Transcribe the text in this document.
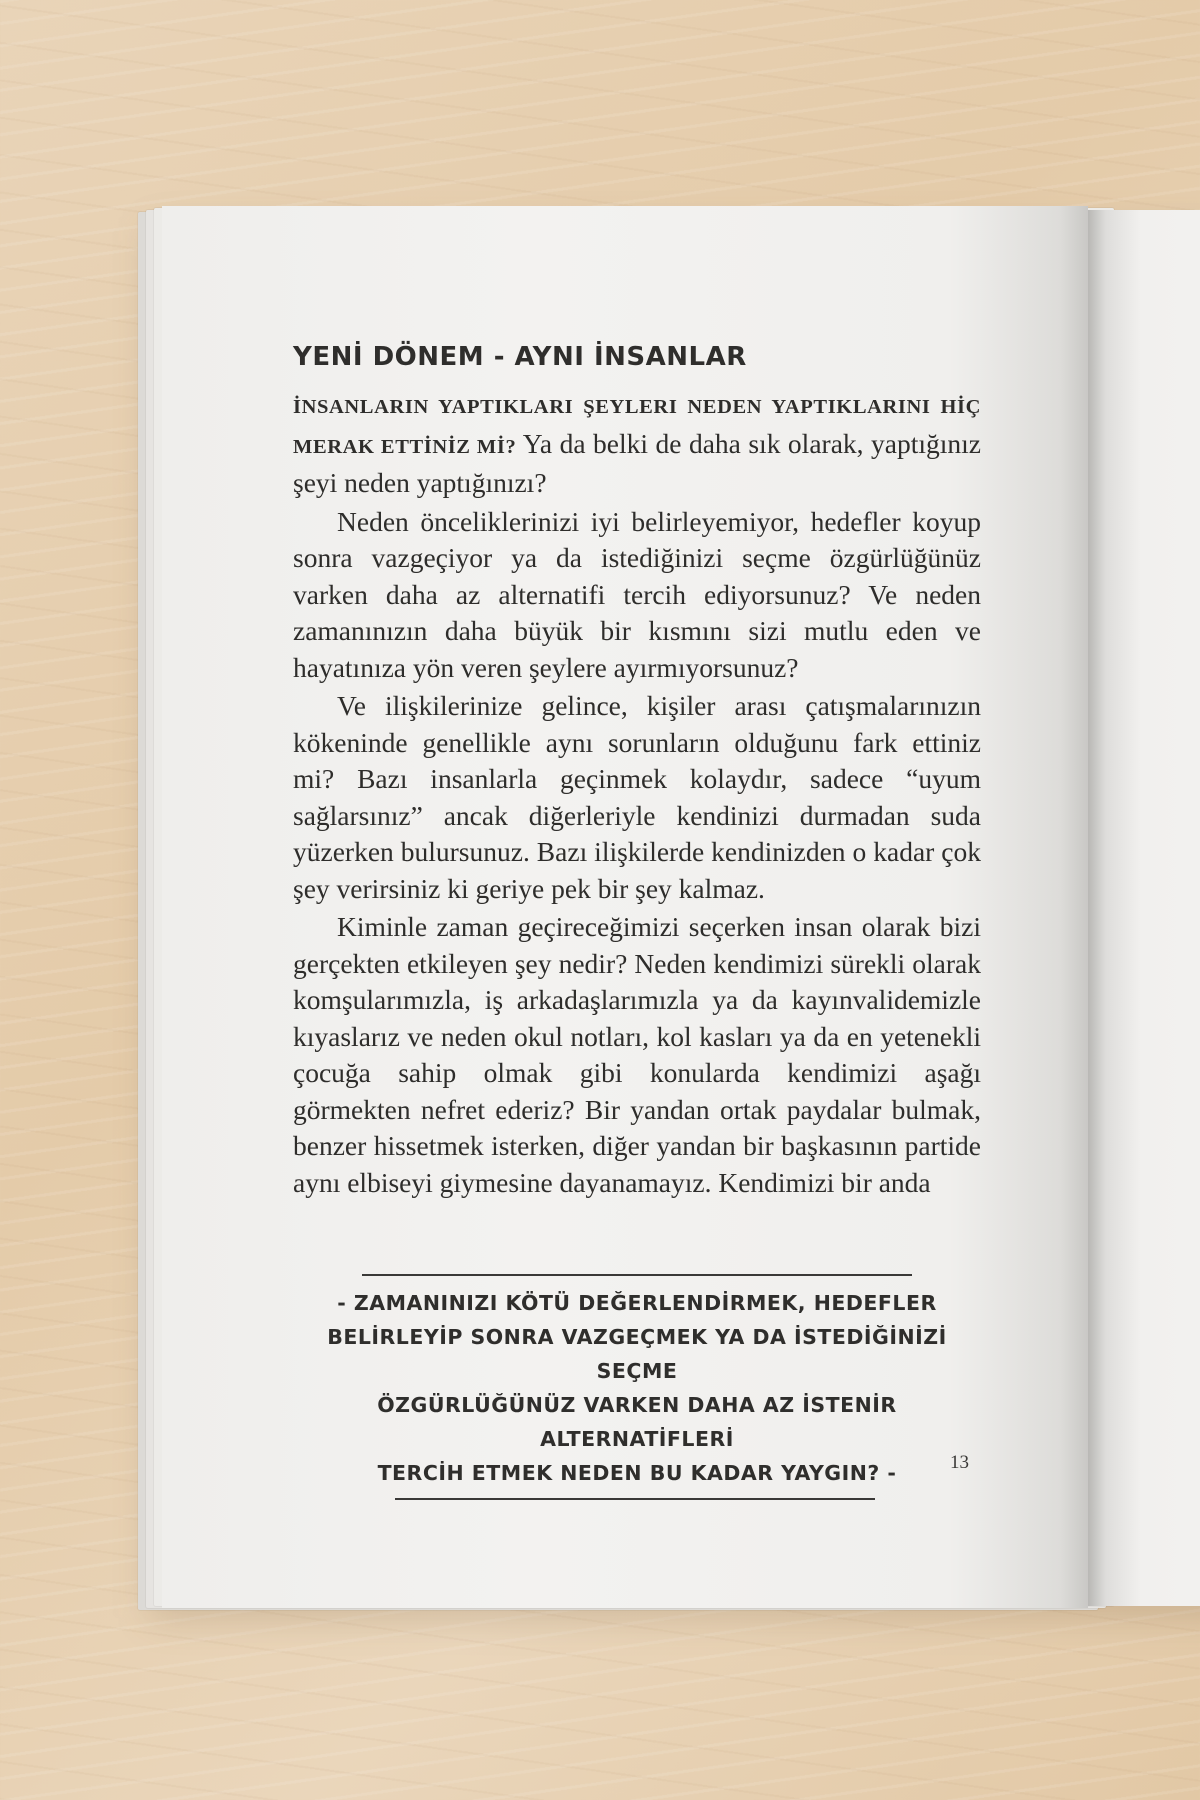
YENİ DÖNEM - AYNI İNSANLAR

İNSANLARIN YAPTIKLARI ŞEYLERI NEDEN YAPTIKLARINI HİÇ MERAK ETTİNİZ Mİ? Ya da belki de daha sık olarak, yaptığınız şeyi neden yaptığınızı?

Neden önceliklerinizi iyi belirleyemiyor, hedefler koyup sonra vazgeçiyor ya da istediğinizi seçme özgürlüğünüz varken daha az alternatifi tercih ediyorsunuz? Ve neden zamanınızın daha büyük bir kısmını sizi mutlu eden ve hayatınıza yön veren şeylere ayırmıyorsunuz?

Ve ilişkilerinize gelince, kişiler arası çatışmalarınızın kökeninde genellikle aynı sorunların olduğunu fark ettiniz mi? Bazı insanlarla geçinmek kolaydır, sadece “uyum sağlarsınız” ancak diğerleriyle kendinizi durmadan suda yüzerken bulursunuz. Bazı ilişkilerde kendinizden o kadar çok şey verirsiniz ki geriye pek bir şey kalmaz.

Kiminle zaman geçireceğimizi seçerken insan olarak bizi gerçekten etkileyen şey nedir? Neden kendimizi sürekli olarak komşularımızla, iş arkadaşlarımızla ya da kayınvalidemizle kıyaslarız ve neden okul notları, kol kasları ya da en yetenekli çocuğa sahip olmak gibi konularda kendimizi aşağı görmekten nefret ederiz? Bir yandan ortak paydalar bulmak, benzer hissetmek isterken, diğer yandan bir başkasının partide aynı elbiseyi giymesine dayanamayız. Kendimizi bir anda

- ZAMANINIZI KÖTÜ DEĞERLENDİRMEK, HEDEFLER
BELİRLEYİP SONRA VAZGEÇMEK YA DA İSTEDİĞİNİZİ SEÇME
ÖZGÜRLÜĞÜNÜZ VARKEN DAHA AZ İSTENİR ALTERNATİFLERİ
TERCİH ETMEK NEDEN BU KADAR YAYGIN? -	13
